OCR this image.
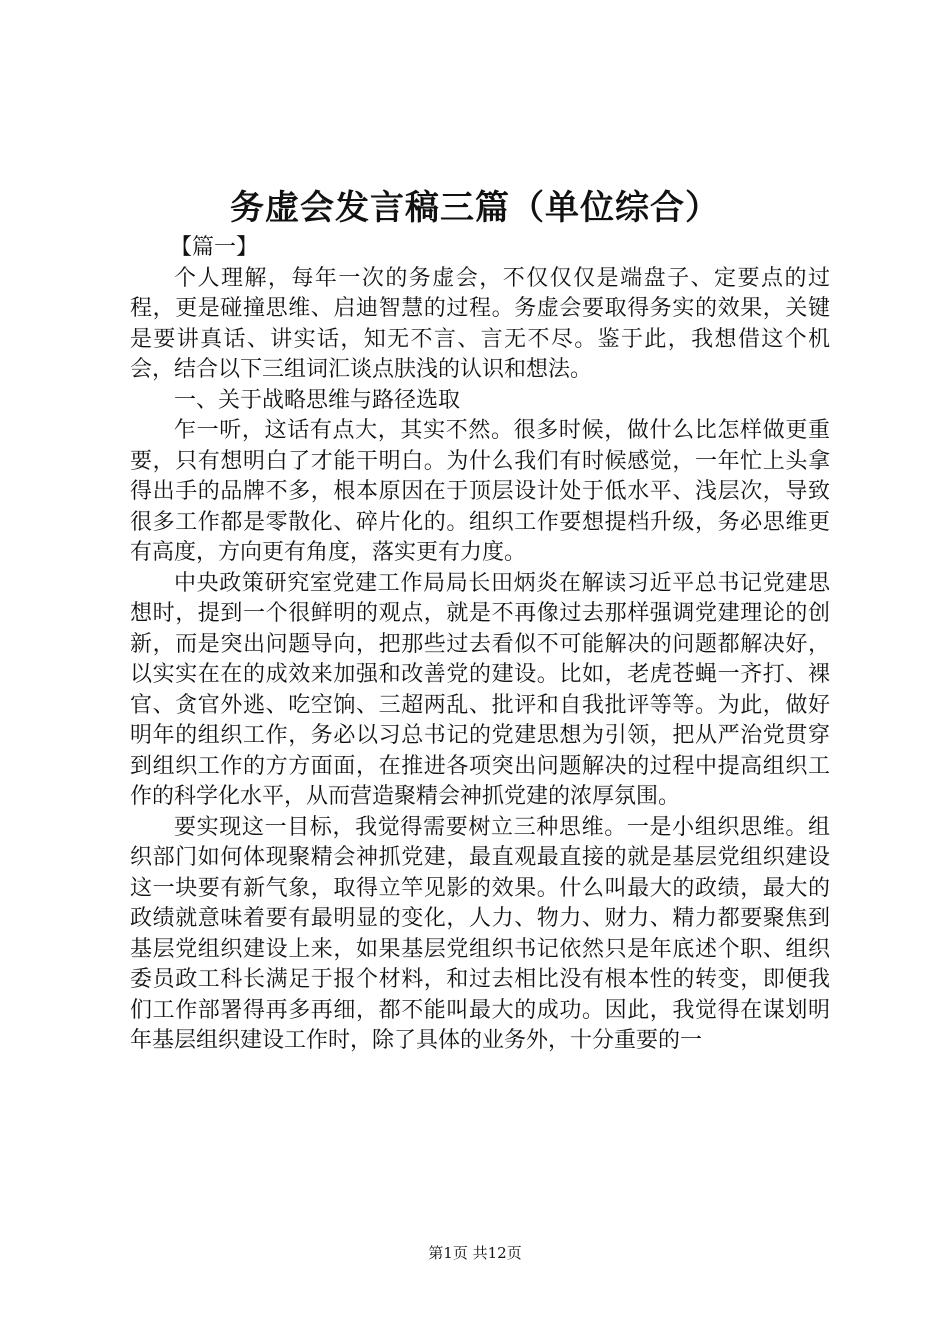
务虚会发言稿三篇（单位综合）

【篇一】

个人理解，每年一次的务虚会，不仅仅仅是端盘子、定要点的过程，更是碰撞思维、启迪智慧的过程。务虚会要取得务实的效果，关键是要讲真话、讲实话，知无不言、言无不尽。鉴于此，我想借这个机会，结合以下三组词汇谈点肤浅的认识和想法。

一、关于战略思维与路径选取

乍一听，这话有点大，其实不然。很多时候，做什么比怎样做更重要，只有想明白了才能干明白。为什么我们有时候感觉，一年忙上头拿得出手的品牌不多，根本原因在于顶层设计处于低水平、浅层次，导致很多工作都是零散化、碎片化的。组织工作要想提档升级，务必思维更有高度，方向更有角度，落实更有力度。

中央政策研究室党建工作局局长田炳炎在解读习近平总书记党建思想时，提到一个很鲜明的观点，就是不再像过去那样强调党建理论的创新，而是突出问题导向，把那些过去看似不可能解决的问题都解决好，以实实在在的成效来加强和改善党的建设。比如，老虎苍蝇一齐打、裸官、贪官外逃、吃空饷、三超两乱、批评和自我批评等等。为此，做好明年的组织工作，务必以习总书记的党建思想为引领，把从严治党贯穿到组织工作的方方面面，在推进各项突出问题解决的过程中提高组织工作的科学化水平，从而营造聚精会神抓党建的浓厚氛围。

要实现这一目标，我觉得需要树立三种思维。一是小组织思维。组织部门如何体现聚精会神抓党建，最直观最直接的就是基层党组织建设这一块要有新气象，取得立竿见影的效果。什么叫最大的政绩，最大的政绩就意味着要有最明显的变化，人力、物力、财力、精力都要聚焦到基层党组织建设上来，如果基层党组织书记依然只是年底述个职、组织委员政工科长满足于报个材料，和过去相比没有根本性的转变，即便我们工作部署得再多再细，都不能叫最大的成功。因此，我觉得在谋划明年基层组织建设工作时，除了具体的业务外，十分重要的一

第1页 共12页
